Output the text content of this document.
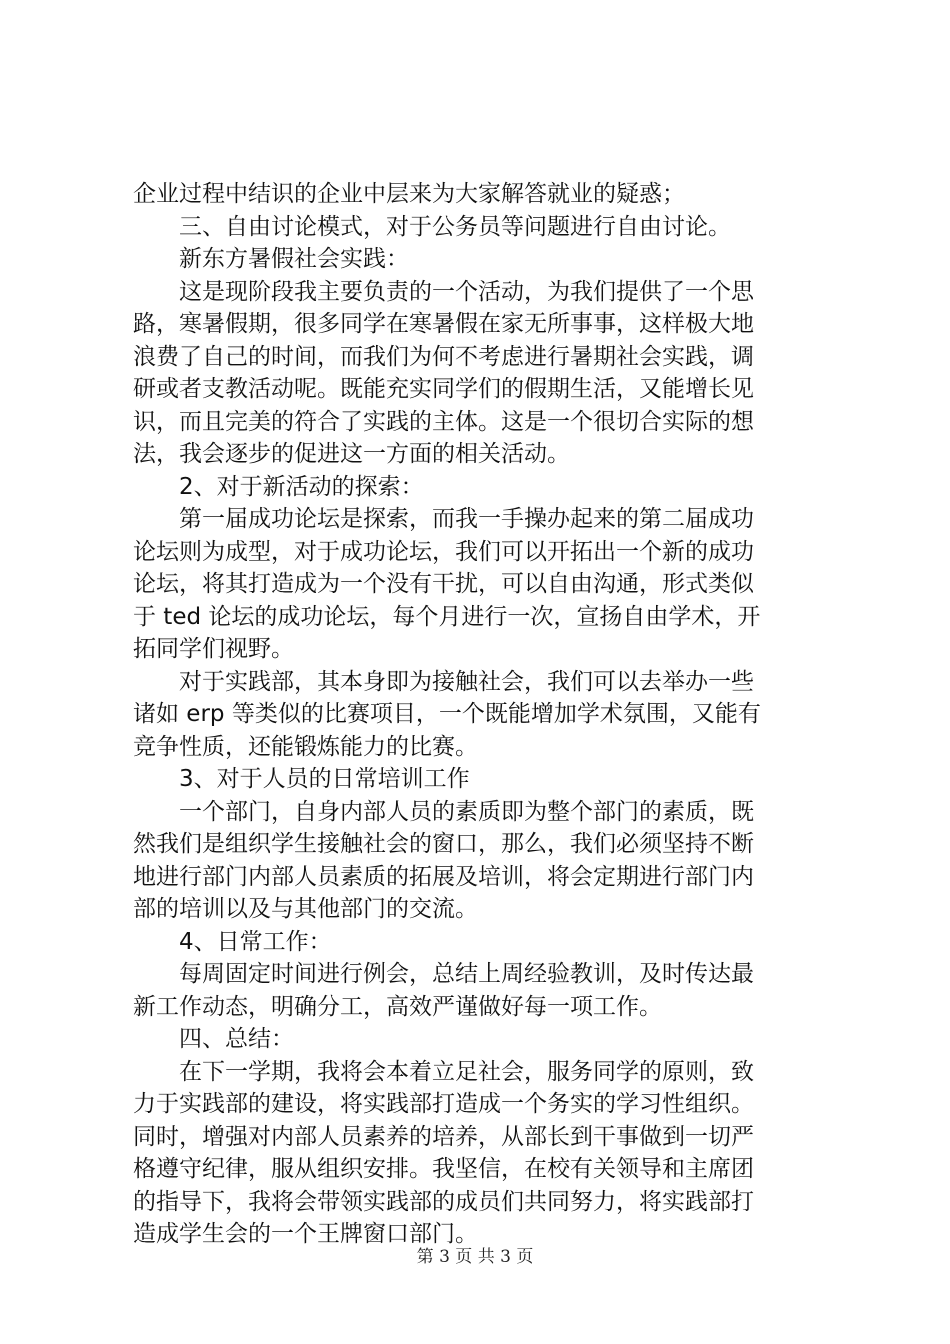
企业过程中结识的企业中层来为大家解答就业的疑惑；
三、自由讨论模式，对于公务员等问题进行自由讨论。
新东方暑假社会实践：
这是现阶段我主要负责的一个活动，为我们提供了一个思
路，寒暑假期，很多同学在寒暑假在家无所事事，这样极大地
浪费了自己的时间，而我们为何不考虑进行暑期社会实践，调
研或者支教活动呢。既能充实同学们的假期生活，又能增长见
识，而且完美的符合了实践的主体。这是一个很切合实际的想
法，我会逐步的促进这一方面的相关活动。
2、对于新活动的探索：
第一届成功论坛是探索，而我一手操办起来的第二届成功
论坛则为成型，对于成功论坛，我们可以开拓出一个新的成功
论坛，将其打造成为一个没有干扰，可以自由沟通，形式类似
于 ted 论坛的成功论坛，每个月进行一次，宣扬自由学术，开
拓同学们视野。
对于实践部，其本身即为接触社会，我们可以去举办一些
诸如 erp 等类似的比赛项目，一个既能增加学术氛围，又能有
竞争性质，还能锻炼能力的比赛。
3、对于人员的日常培训工作
一个部门，自身内部人员的素质即为整个部门的素质，既
然我们是组织学生接触社会的窗口，那么，我们必须坚持不断
地进行部门内部人员素质的拓展及培训，将会定期进行部门内
部的培训以及与其他部门的交流。
4、日常工作：
每周固定时间进行例会，总结上周经验教训，及时传达最
新工作动态，明确分工，高效严谨做好每一项工作。
四、总结：
在下一学期，我将会本着立足社会，服务同学的原则，致
力于实践部的建设，将实践部打造成一个务实的学习性组织。
同时，增强对内部人员素养的培养，从部长到干事做到一切严
格遵守纪律，服从组织安排。我坚信，在校有关领导和主席团
的指导下，我将会带领实践部的成员们共同努力，将实践部打
造成学生会的一个王牌窗口部门。
第 3 页 共 3 页
